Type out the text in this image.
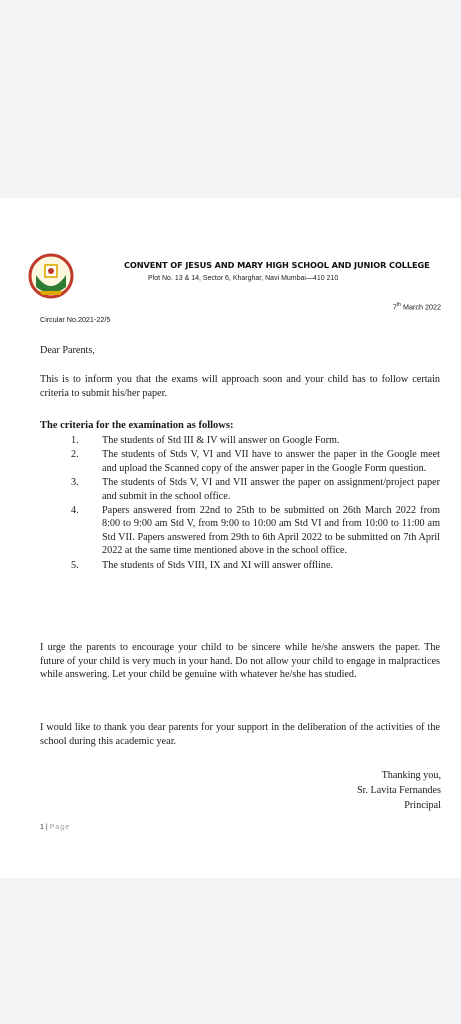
CONVENT OF JESUS AND MARY HIGH SCHOOL AND JUNIOR COLLEGE
Plot No. 13 & 14, Sector 6, Kharghar, Navi Mumbai—410 210
7th March 2022
Circular No.2021-22/5
Dear Parents,
This is to inform you that the exams will approach soon and your child has to follow certain criteria to submit his/her paper.
The criteria for the examination as follows:
1. The students of Std III & IV will answer on Google Form.
2. The students of Stds V, VI and VII have to answer the paper in the Google meet and upload the Scanned copy of the answer paper in the Google Form question.
3. The students of Stds V, VI and VII answer the paper on assignment/project paper and submit in the school office.
4. Papers answered from 22nd to 25th to be submitted on 26th March 2022 from 8:00 to 9:00 am Std V, from 9:00 to 10:00 am Std VI and from 10:00 to 11:00 am Std VII. Papers answered from 29th to 6th April 2022 to be submitted on 7th April 2022 at the same time mentioned above in the school office.
5. The students of Stds VIII, IX and XI will answer offline.
I urge the parents to encourage your child to be sincere while he/she answers the paper. The future of your child is very much in your hand. Do not allow your child to engage in malpractices while answering. Let your child be genuine with whatever he/she has studied.
I would like to thank you dear parents for your support in the deliberation of the activities of the school during this academic year.
Thanking you,
Sr. Lavita Fernandes
Principal
1 | Page
